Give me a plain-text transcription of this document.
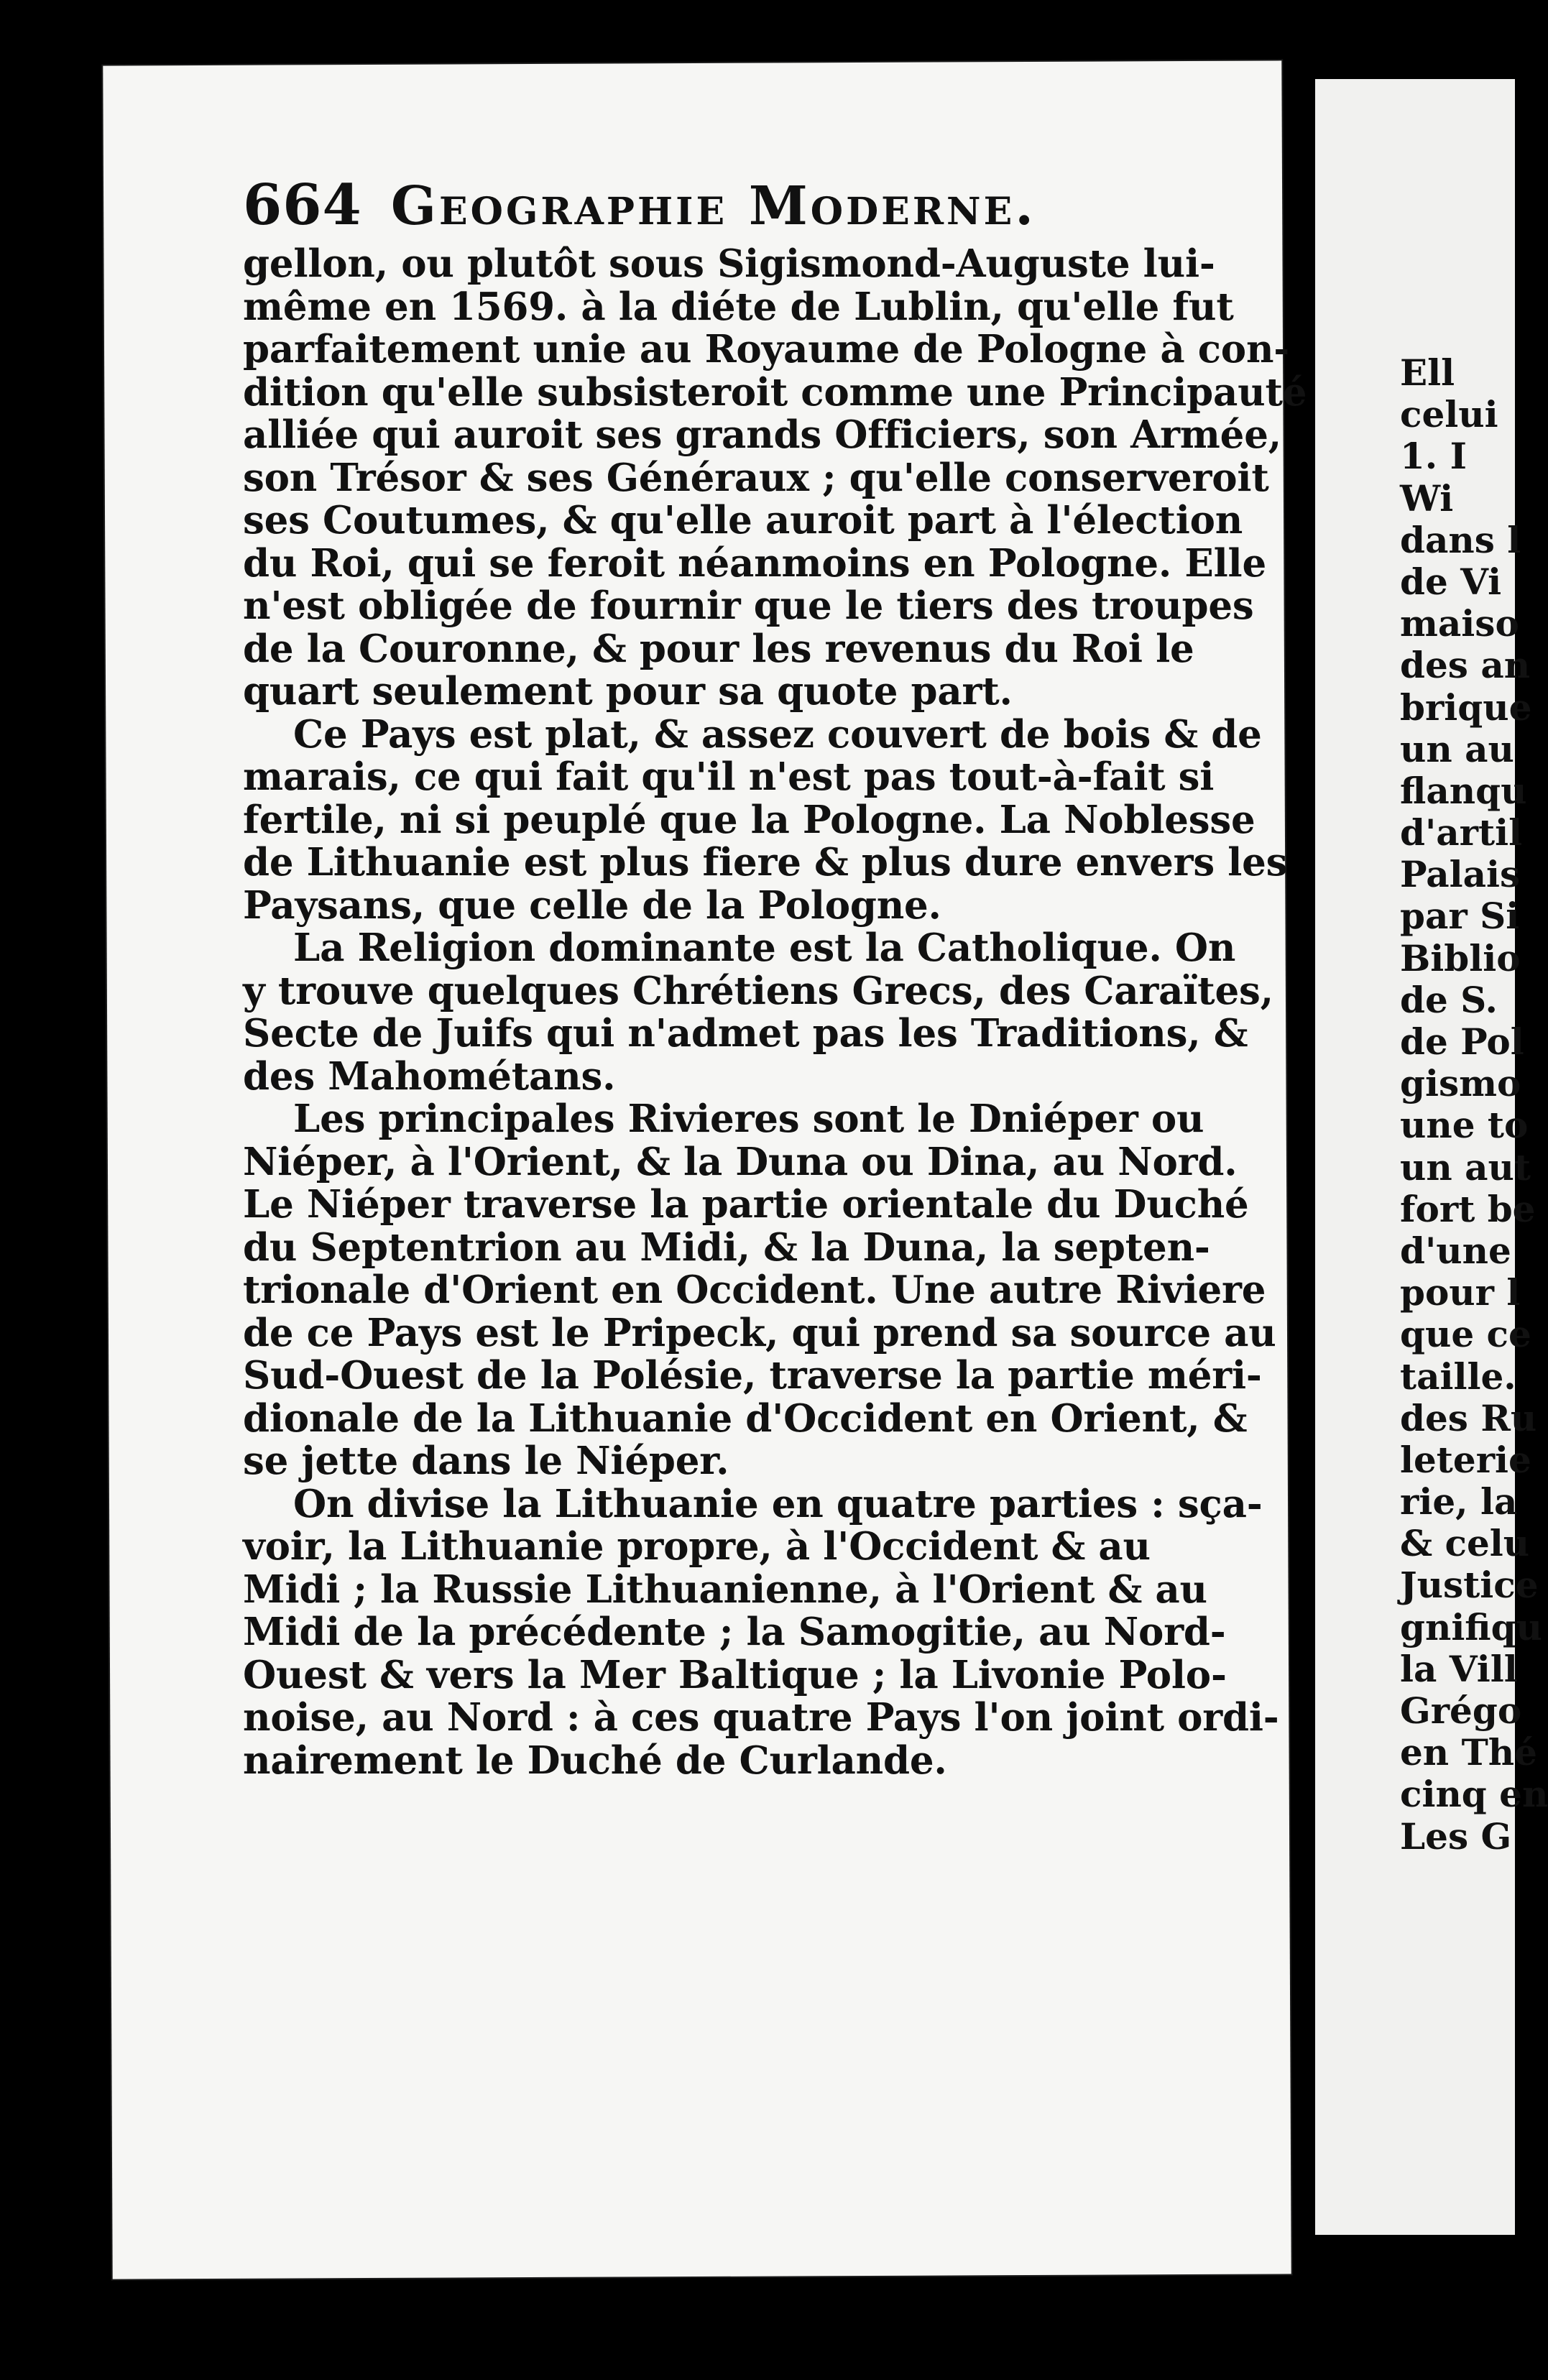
664 Geographie Moderne.
gellon, ou plutôt sous Sigismond-Auguste lui-
même en 1569. à la diéte de Lublin, qu'elle fut
parfaitement unie au Royaume de Pologne à con-
dition qu'elle subsisteroit comme une Principauté
alliée qui auroit ses grands Officiers, son Armée,
son Trésor & ses Généraux ; qu'elle conserveroit
ses Coutumes, & qu'elle auroit part à l'élection
du Roi, qui se feroit néanmoins en Pologne. Elle
n'est obligée de fournir que le tiers des troupes
de la Couronne, & pour les revenus du Roi le
quart seulement pour sa quote part.
Ce Pays est plat, & assez couvert de bois & de
marais, ce qui fait qu'il n'est pas tout-à-fait si
fertile, ni si peuplé que la Pologne. La Noblesse
de Lithuanie est plus fiere & plus dure envers les
Paysans, que celle de la Pologne.
La Religion dominante est la Catholique. On
y trouve quelques Chrétiens Grecs, des Caraïtes,
Secte de Juifs qui n'admet pas les Traditions, &
des Mahométans.
Les principales Rivieres sont le Dniéper ou
Niéper, à l'Orient, & la Duna ou Dina, au Nord.
Le Niéper traverse la partie orientale du Duché
du Septentrion au Midi, & la Duna, la septen-
trionale d'Orient en Occident. Une autre Riviere
de ce Pays est le Pripeck, qui prend sa source au
Sud-Ouest de la Polésie, traverse la partie méri-
dionale de la Lithuanie d'Occident en Orient, &
se jette dans le Niéper.
On divise la Lithuanie en quatre parties : sça-
voir, la Lithuanie propre, à l'Occident & au
Midi ; la Russie Lithuanienne, à l'Orient & au
Midi de la précédente ; la Samogitie, au Nord-
Ouest & vers la Mer Baltique ; la Livonie Polo-
noise, au Nord : à ces quatre Pays l'on joint ordi-
nairement le Duché de Curlande.
Ell
celui
1. I
Wi
dans l
de Vi
maiso
des an
brique
un au
flanqu
d'artil
Palais
par Si
Biblio
de S.
de Pol
gismo
une to
un aut
fort be
d'une
pour l
que ce
taille.
des Ru
leterie
rie, la
& celu
Justice
gnifiqu
la Vill
Grégo
en Thé
cinq en
Les G
